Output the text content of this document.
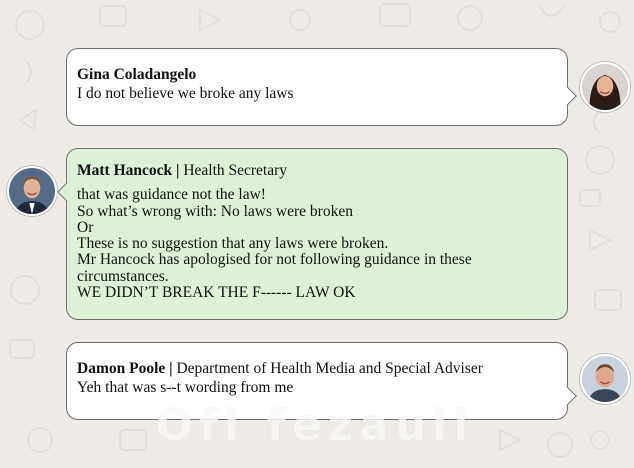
Gina Coladangelo
I do not believe we broke any laws
Matt Hancock | Health Secretary
that was guidance not the law!
So what’s wrong with: No laws were broken
Or
These is no suggestion that any laws were broken.
Mr Hancock has apologised for not following guidance in these circumstances.
WE DIDN’T BREAK THE F------ LAW OK
Damon Poole | Department of Health Media and Special Adviser
Yeh that was s--t wording from me
Ofl fezaull
